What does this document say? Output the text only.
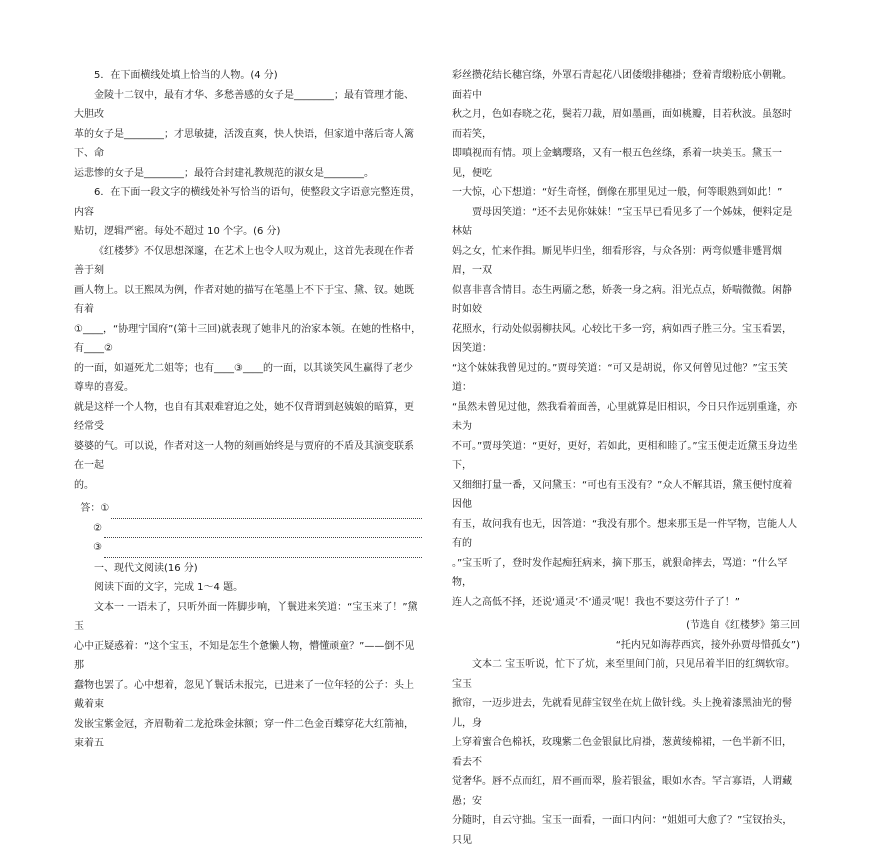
5．在下面横线处填上恰当的人物。(4 分)

金陵十二钗中，最有才华、多愁善感的女子是________；最有管理才能、大胆改

革的女子是________；才思敏捷，活泼直爽，快人快语，但家道中落后寄人篱下、命

运悲惨的女子是________；最符合封建礼教规范的淑女是________。

6．在下面一段文字的横线处补写恰当的语句，使整段文字语意完整连贯，内容

贴切，逻辑严密。每处不超过 10 个字。(6 分)

《红楼梦》不仅思想深邃，在艺术上也令人叹为观止，这首先表现在作者善于刻

画人物上。以王熙凤为例，作者对她的描写在笔墨上不下于宝、黛、钗。她既有着

①____，“协理宁国府”(第十三回)就表现了她非凡的治家本领。在她的性格中，有____②

的一面，如逼死尤二姐等；也有____③____的一面，以其谈笑风生赢得了老少尊卑的喜爱。

就是这样一个人物，也自有其艰难窘迫之处，她不仅背谓到赵姨娘的暗算，更经常受

婆婆的气。可以说，作者对这一人物的刻画始终是与贾府的不盾及其演变联系在一起

的。

答：①
②
③

一、现代文阅读(16 分)

阅读下面的文字，完成 1～4 题。

文本一 一语未了，只听外面一阵脚步响，丫鬟进来笑道：“宝玉来了！”黛玉

心中正疑惑着：“这个宝玉，不知是怎生个惫懒人物，懵懂顽童？”——倒不见那

蠢物也罢了。心中想着，忽见丫鬟话未报完，已进来了一位年轻的公子：头上戴着束

发嵌宝紫金冠，齐眉勒着二龙抢珠金抹额；穿一件二色金百蝶穿花大红箭袖，束着五

彩丝攒花结长穗宫绦，外罩石青起花八团倭缎排穗褂；登着青缎粉底小朝靴。面若中

秋之月，色如春晓之花，鬓若刀裁，眉如墨画，面如桃瓣，目若秋波。虽怒时而若笑，

即嗔视而有情。项上金螭璎珞，又有一根五色丝绦，系着一块美玉。黛玉一见，便吃

一大惊，心下想道：“好生奇怪，倒像在那里见过一般，何等眼熟到如此！”

贾母因笑道：“还不去见你妹妹！”宝玉早已看见多了一个姊妹，便料定是林姑

妈之女，忙来作揖。厮见毕归坐，细看形容，与众各别：两弯似蹙非蹙罥烟眉，一双

似喜非喜含情目。态生两靥之愁，娇袭一身之病。泪光点点，娇喘微微。闲静时如姣

花照水，行动处似弱柳扶风。心较比干多一窍，病如西子胜三分。宝玉看罢，因笑道：

“这个妹妹我曾见过的。”贾母笑道：“可又是胡说，你又何曾见过他？”宝玉笑道：

“虽然未曾见过他，然我看着面善，心里就算是旧相识，今日只作远别重逢，亦未为

不可。”贾母笑道：“更好，更好，若如此，更相和睦了。”宝玉便走近黛玉身边坐下，

又细细打量一番，又问黛玉：“可也有玉没有？”众人不解其语，黛玉便忖度着因他

有玉，故问我有也无，因答道：“我没有那个。想来那玉是一件罕物，岂能人人有的

。”宝玉听了，登时发作起痴狂病来，摘下那玉，就狠命摔去，骂道：“什么罕物，

连人之高低不择，还说‘通灵’不‘通灵’呢！我也不要这劳什子了！”

(节选自《红楼梦》第三回

“托内兄如海荐西宾，接外孙贾母惜孤女”)

文本二 宝玉听说，忙下了炕，来至里间门前，只见吊着半旧的红绸软帘。宝玉

掀帘，一迈步进去，先就看见薛宝钗坐在炕上做针线。头上挽着漆黑油光的髻儿，身

上穿着蜜合色棉袄，玫瑰紫二色金银鼠比肩褂，葱黄绫棉裙，一色半新不旧，看去不

觉奢华。唇不点而红，眉不画而翠，脸若银盆，眼如水杏。罕言寡语，人谓藏愚；安

分随时，自云守拙。宝玉一面看，一面口内问：“姐姐可大愈了？”宝钗抬头，只见
